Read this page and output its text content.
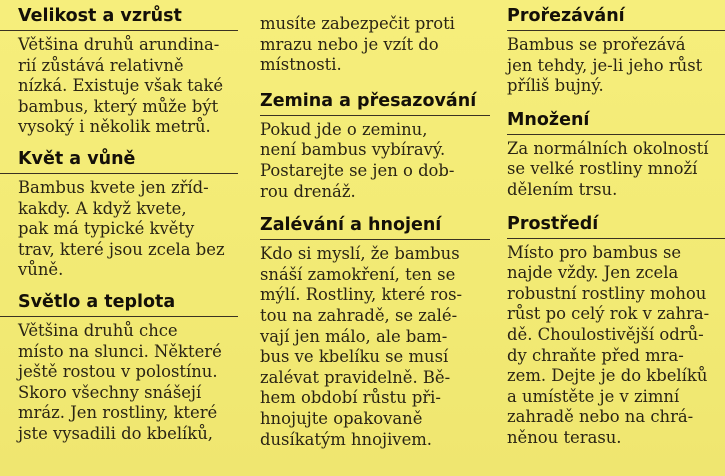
Velikost a vzrůst
Většina druhů arundina-
rií zůstává relativně
nízká. Existuje však také
bambus, který může být
vysoký i několik metrů.
Květ a vůně
Bambus kvete jen zříd-
kakdy. A když kvete,
pak má typické květy
trav, které jsou zcela bez
vůně.
Světlo a teplota
Většina druhů chce
místo na slunci. Některé
ještě rostou v polostínu.
Skoro všechny snášejí
mráz. Jen rostliny, které
jste vysadili do kbelíků,
musíte zabezpečit proti
mrazu nebo je vzít do
místnosti.
Zemina a přesazování
Pokud jde o zeminu,
není bambus vybíravý.
Postarejte se jen o dob-
rou drenáž.
Zalévání a hnojení
Kdo si myslí, že bambus
snáší zamokření, ten se
mýlí. Rostliny, které ros-
tou na zahradě, se zalé-
vají jen málo, ale bam-
bus ve kbelíku se musí
zalévat pravidelně. Bě-
hem období růstu při-
hnojujte opakovaně
dusíkatým hnojivem.
Prořezávání
Bambus se prořezává
jen tehdy, je-li jeho růst
příliš bujný.
Množení
Za normálních okolností
se velké rostliny množí
dělením trsu.
Prostředí
Místo pro bambus se
najde vždy. Jen zcela
robustní rostliny mohou
růst po celý rok v zahra-
dě. Choulostivější odrů-
dy chraňte před mra-
zem. Dejte je do kbelíků
a umístěte je v zimní
zahradě nebo na chrá-
něnou terasu.
